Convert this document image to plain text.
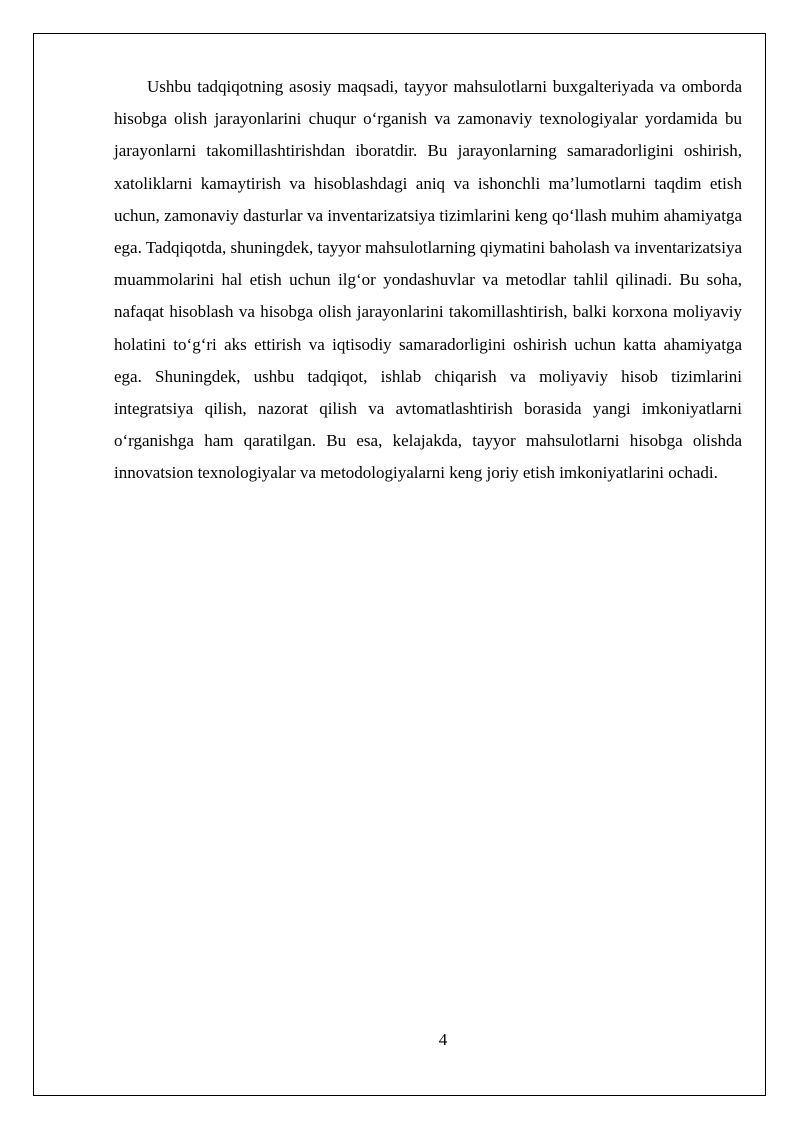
Ushbu tadqiqotning asosiy maqsadi, tayyor mahsulotlarni buxgalteriyada va omborda hisobga olish jarayonlarini chuqur o‘rganish va zamonaviy texnologiyalar yordamida bu jarayonlarni takomillashtirishdan iboratdir. Bu jarayonlarning samaradorligini oshirish, xatoliklarni kamaytirish va hisoblashdagi aniq va ishonchli ma’lumotlarni taqdim etish uchun, zamonaviy dasturlar va inventarizatsiya tizimlarini keng qo‘llash muhim ahamiyatga ega. Tadqiqotda, shuningdek, tayyor mahsulotlarning qiymatini baholash va inventarizatsiya muammolarini hal etish uchun ilg‘or yondashuvlar va metodlar tahlil qilinadi. Bu soha, nafaqat hisoblash va hisobga olish jarayonlarini takomillashtirish, balki korxona moliyaviy holatini to‘g‘ri aks ettirish va iqtisodiy samaradorligini oshirish uchun katta ahamiyatga ega. Shuningdek, ushbu tadqiqot, ishlab chiqarish va moliyaviy hisob tizimlarini integratsiya qilish, nazorat qilish va avtomatlashtirish borasida yangi imkoniyatlarni o‘rganishga ham qaratilgan. Bu esa, kelajakda, tayyor mahsulotlarni hisobga olishda innovatsion texnologiyalar va metodologiyalarni keng joriy etish imkoniyatlarini ochadi.

4
